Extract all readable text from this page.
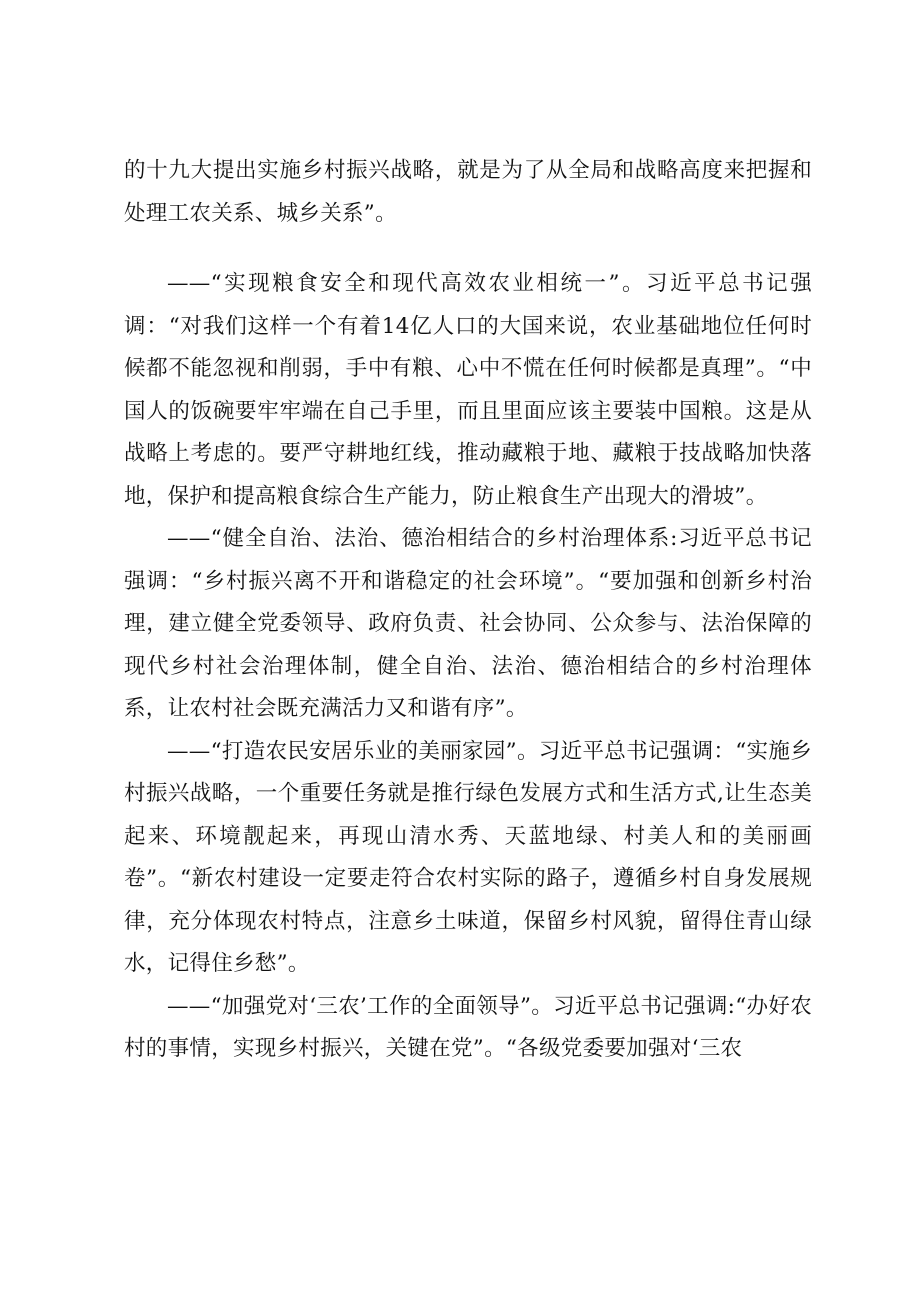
的十九大提出实施乡村振兴战略，就是为了从全局和战略高度来把握和处理工农关系、城乡关系”。

——“实现粮食安全和现代高效农业相统一”。习近平总书记强调：“对我们这样一个有着14亿人口的大国来说，农业基础地位任何时候都不能忽视和削弱，手中有粮、心中不慌在任何时候都是真理”。“中国人的饭碗要牢牢端在自己手里，而且里面应该主要装中国粮。这是从战略上考虑的。要严守耕地红线，推动藏粮于地、藏粮于技战略加快落地，保护和提高粮食综合生产能力，防止粮食生产出现大的滑坡”。

——“健全自治、法治、德治相结合的乡村治理体系:习近平总书记强调：“乡村振兴离不开和谐稳定的社会环境”。“要加强和创新乡村治理，建立健全党委领导、政府负责、社会协同、公众参与、法治保障的现代乡村社会治理体制，健全自治、法治、德治相结合的乡村治理体系，让农村社会既充满活力又和谐有序”。

——“打造农民安居乐业的美丽家园”。习近平总书记强调：“实施乡村振兴战略，一个重要任务就是推行绿色发展方式和生活方式,让生态美起来、环境靓起来，再现山清水秀、天蓝地绿、村美人和的美丽画卷”。“新农村建设一定要走符合农村实际的路子，遵循乡村自身发展规律，充分体现农村特点，注意乡土味道，保留乡村风貌，留得住青山绿水，记得住乡愁”。

——“加强党对‘三农’工作的全面领导”。习近平总书记强调:“办好农村的事情，实现乡村振兴，关键在党”。“各级党委要加强对‘三农
